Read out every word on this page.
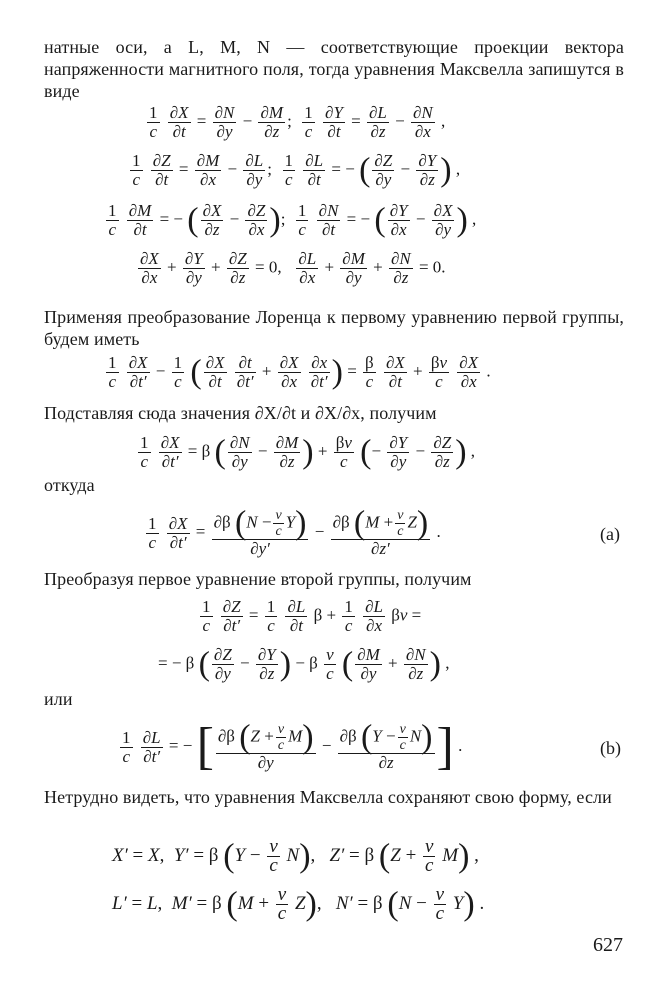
натные оси, а L, M, N — соответствующие проекции вектора напряженности магнитного поля, тогда уравнения Максвелла запишутся в виде
$\frac{1}{c}$
$\frac{\partial X}{\partial t} = \frac{\partial N}{\partial y} - \frac{\partial M}{\partial z}$ ; $\frac{1}{c}$
$\frac{\partial Y}{\partial t} = \frac{\partial L}{\partial z} - \frac{\partial N}{\partial x}$ ,
$\frac{1}{c}$
$\frac{\partial Z}{\partial t} = \frac{\partial M}{\partial x} - \frac{\partial L}{\partial y}$ ; $\frac{1}{c}$
$\frac{\partial L}{\partial t}$ = − ( $\frac{\partial Z}{\partial y} - \frac{\partial Y}{\partial z}$ ) ,
$\frac{1}{c}$
$\frac{\partial M}{\partial t}$ = − ( $\frac{\partial X}{\partial z} - \frac{\partial Z}{\partial x}$ ); $\frac{1}{c}$
$\frac{\partial N}{\partial t}$ = − ( $\frac{\partial Y}{\partial x} - \frac{\partial X}{\partial y}$ ) ,
$\frac{\partial X}{\partial x} + \frac{\partial Y}{\partial y} + \frac{\partial Z}{\partial z} = 0$, $\frac{\partial L}{\partial x} + \frac{\partial M}{\partial y} + \frac{\partial N}{\partial z} = 0$.
Применяя преобразование Лоренца к первому уравнению первой группы, будем иметь
$\frac{1}{c}$
$\frac{\partial X}{\partial t'} - \frac{1}{c}$ ( $\frac{\partial X}{\partial t}$
$\frac{\partial t}{\partial t'} + \frac{\partial X}{\partial x}$
$\frac{\partial x}{\partial t'}$ ) = $\frac{\beta}{c}$
$\frac{\partial X}{\partial t} + \frac{\beta v}{c}$
$\frac{\partial X}{\partial x}$ .
Подставляя сюда значения ∂X/∂t и ∂X/∂x, получим
$\frac{1}{c}$
$\frac{\partial X}{\partial t'} = \beta$ ( $\frac{\partial N}{\partial y} - \frac{\partial M}{\partial z}$ ) + $\frac{\beta v}{c}$ (− $\frac{\partial Y}{\partial y} - \frac{\partial Z}{\partial z}$ ) ,
откуда
$\frac{1}{c}$
$\frac{\partial X}{\partial t'} = \frac{\partial\beta (N - \frac{v}{c} Y)}{\partial y'} - \frac{\partial\beta (M + \frac{v}{c} Z)}{\partial z'}$ .	(a)
Преобразуя первое уравнение второй группы, получим
$\frac{1}{c}$
$\frac{\partial Z}{\partial t'} = \frac{1}{c}$
$\frac{\partial L}{\partial t}$ $\beta + \frac{1}{c}$
$\frac{\partial L}{\partial x}$ βv =
= − β ( $\frac{\partial Z}{\partial y} - \frac{\partial Y}{\partial z}$ ) − β $\frac{v}{c}$ ( $\frac{\partial M}{\partial y} + \frac{\partial N}{\partial z}$ ) ,
или
$\frac{1}{c}$
$\frac{\partial L}{\partial t'}$ = − [ $\frac{\partial\beta (Z + \frac{v}{c} M)}{\partial y} - \frac{\partial\beta (Y - \frac{v}{c} N)}{\partial z}$ ] .	(b)
Нетрудно видеть, что уравнения Максвелла сохраняют свою форму, если
X′ = X,  Y′ = β $(Y - \frac{v}{c} N)$,   Z′ = β $(Z + \frac{v}{c} M)$ ,
L′ = L,  M′ = β $(M + \frac{v}{c} Z)$,   N′ = β $(N - \frac{v}{c} Y)$ .
627
